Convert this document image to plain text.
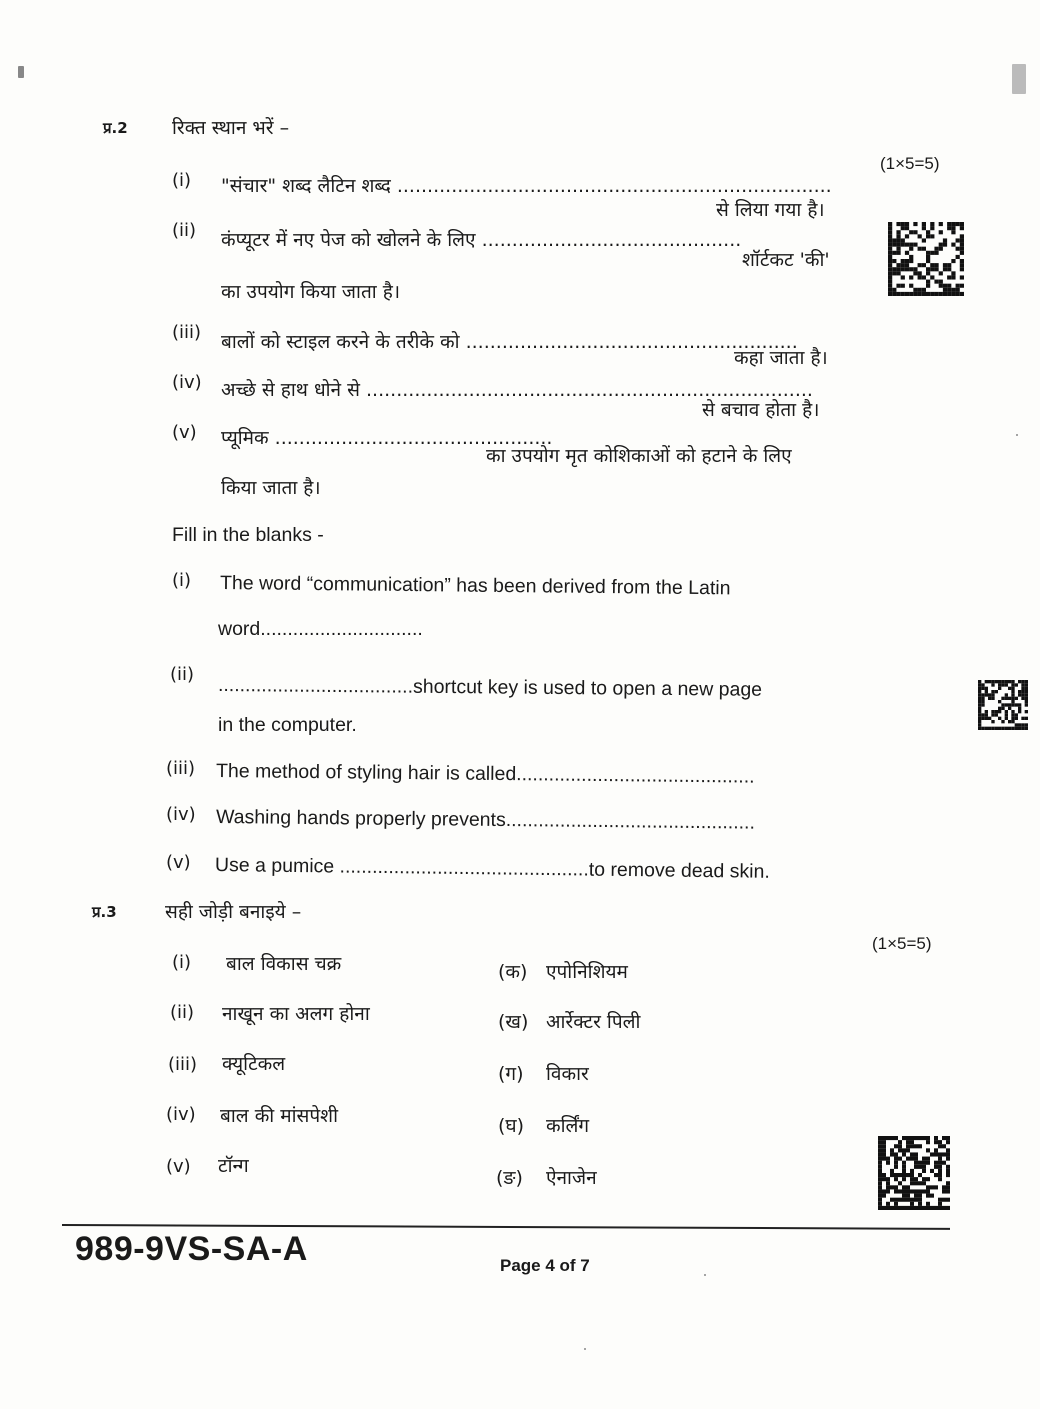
प्र.2 रिक्त स्थान भरें –
(1×5=5)
(i) "संचार" शब्द लैटिन शब्द ........................................................................
से लिया गया है।
(ii) कंप्यूटर में नए पेज को खोलने के लिए ...........................................
शॉर्टकट 'की'
का उपयोग किया जाता है।
(iii) बालों को स्टाइल करने के तरीके को .......................................................
कहा जाता है।
(iv) अच्छे से हाथ धोने से ..........................................................................
से बचाव होता है।
(v) प्यूमिक ..............................................
का उपयोग मृत कोशिकाओं को हटाने के लिए
किया जाता है।
Fill in the blanks -
(i) The word “communication” has been derived from the Latin
word..............................
(ii) ....................................shortcut key is used to open a new page
in the computer.
(iii) The method of styling hair is called............................................
(iv) Washing hands properly prevents..............................................
(v) Use a pumice ..............................................to remove dead skin.
प्र.3	सही जोड़ी बनाइये –
(1×5=5)
(i) बाल विकास चक्र
(ii) नाखून का अलग होना
(iii) क्यूटिकल
(iv) बाल की मांसपेशी
(v) टॉन्ग
(क) एपोनिशियम
(ख) आर्रेक्टर पिली
(ग) विकार
(घ) कर्लिंग
(ङ) ऐनाजेन
989-9VS-SA-A	Page 4 of 7
